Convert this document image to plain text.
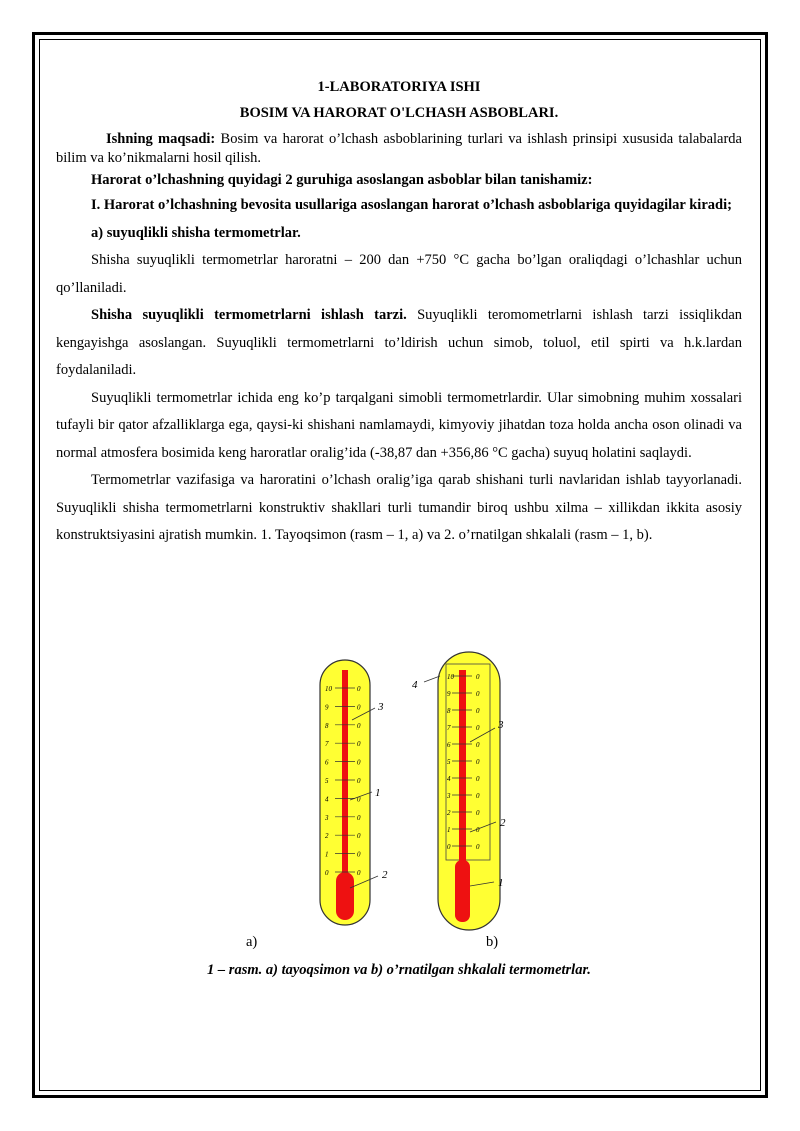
1-LABORATORIYA ISHI
BOSIM VA HARORAT O'LCHASH ASBOBLARI.

Ishning maqsadi: Bosim va harorat o’lchash asboblarining turlari va ishlash prinsipi xususida talabalarda bilim va ko’nikmalarni hosil qilish.

Harorat o’lchashning quyidagi 2 guruhiga asoslangan asboblar bilan tanishamiz:

I. Harorat o’lchashning bevosita usullariga asoslangan harorat o’lchash asboblariga quyidagilar kiradi;

a) suyuqlikli shisha termometrlar.

Shisha suyuqlikli termometrlar haroratni – 200 dan +750 °C gacha bo’lgan oraliqdagi o’lchashlar uchun qo’llaniladi.

Shisha suyuqlikli termometrlarni ishlash tarzi. Suyuqlikli teromometrlarni ishlash tarzi issiqlikdan kengayishga asoslangan. Suyuqlikli termometrlarni to’ldirish uchun simob, toluol, etil spirti va h.k.lardan foydalaniladi.

Suyuqlikli termometrlar ichida eng ko’p tarqalgani simobli termometrlardir. Ular simobning muhim xossalari tufayli bir qator afzalliklarga ega, qaysi-ki shishani namlamaydi, kimyoviy jihatdan toza holda ancha oson olinadi va normal atmosfera bosimida keng haroratlar oralig’ida (-38,87 dan +356,86 °C gacha) suyuq holatini saqlaydi.

Termometrlar vazifasiga va haroratini o’lchash oralig’iga qarab shishani turli navlaridan ishlab tayyorlanadi. Suyuqlikli shisha termometrlarni konstruktiv shakllari turli tumandir biroq ushbu xilma – xillikdan ikkita asosiy konstruktsiyasini ajratish mumkin. 1. Tayoqsimon (rasm – 1, a) va 2. o’rnatilgan shkalali (rasm – 1, b).

0	0
1	0
2	0
3	0
4	0
5	0
6	0
7	0
8	0
9	0
10	0
0	0
1	0
2	0
3	0
4	0
5	0
6	0
7	0
8	0
9	0
10	0
3
1
2
4
3
2
1
a)	b)
1 – rasm. a) tayoqsimon va b) o’rnatilgan shkalali termometrlar.
